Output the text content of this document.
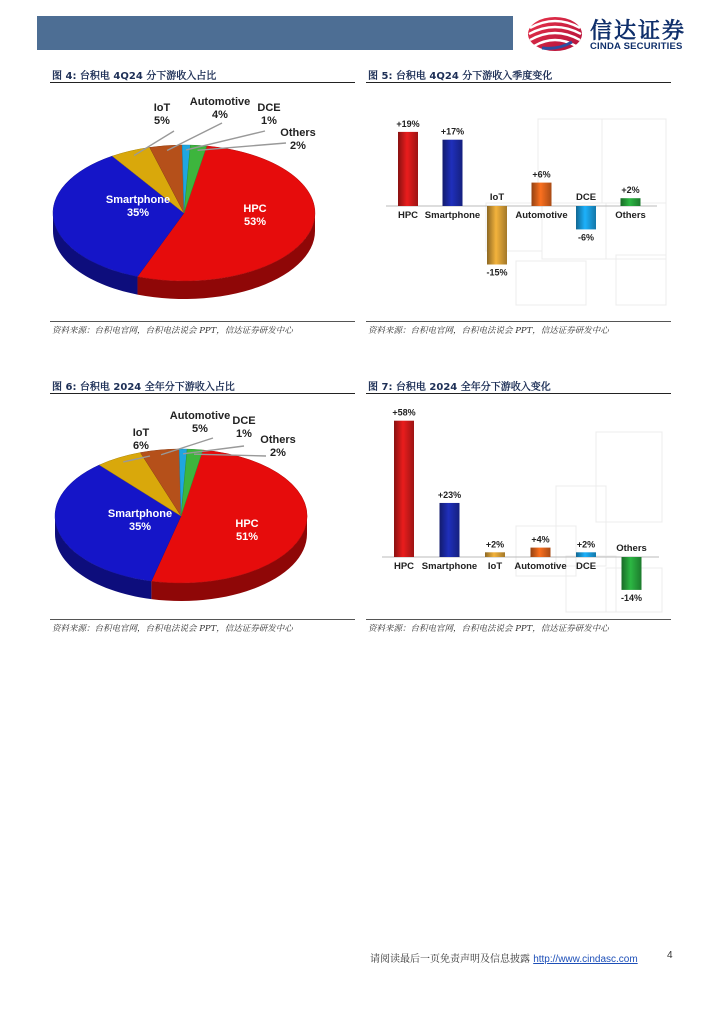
信达证券
CINDA SECURITIES
图 4: 台积电 4Q24 分下游收入占比
HPC
53%
Smartphone
35%
IoT
5%
Automotive
4%
DCE
1%
Others
2%
资料来源：台积电官网，台积电法说会 PPT，信达证券研发中心
图 5: 台积电 4Q24 分下游收入季度变化
+19%
HPC
+17%
Smartphone
-15%
IoT
+6%
Automotive
-6%
DCE
+2%
Others
资料来源：台积电官网，台积电法说会 PPT，信达证券研发中心
图 6: 台积电 2024 全年分下游收入占比
HPC
51%
Smartphone
35%
IoT
6%
Automotive
5%
DCE
1% Others
2%
资料来源：台积电官网，台积电法说会 PPT，信达证券研发中心
图 7: 台积电 2024 全年分下游收入变化
+58%
HPC
+23%
Smartphone
+2%
IoT
+4%
Automotive
+2%
DCE
-14%
Others
资料来源：台积电官网，台积电法说会 PPT，信达证券研发中心
请阅读最后一页免责声明及信息披露 http://www.cindasc.com	4
